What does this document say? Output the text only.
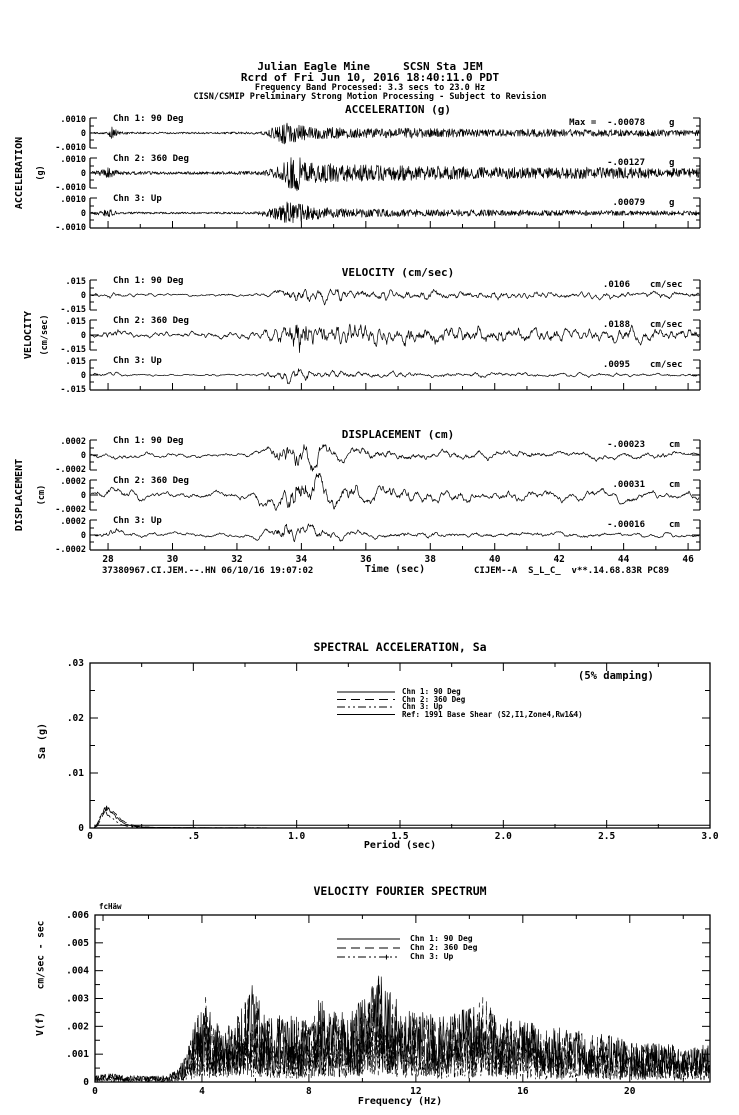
.0010
0
-.0010
.0010
0
-.0010
.0010
0
-.0010
.015
0
-.015
.015
0
-.015
.015
0
-.015
.0002
0
-.0002
.0002
0
-.0002
.0002
0
-.0002
28	30	32	34	36	38	40	42	44	46
0	.5	1.0	1.5	2.0	2.5	3.0
0
.01
.02
.03
+
0	4	8	12	16	20
0
.001
.002
.003
.004
.005
.006
+
Julian Eagle Mine     SCSN Sta JEM
Rcrd of Fri Jun 10, 2016 18:40:11.0 PDT
Frequency Band Processed: 3.3 secs to 23.0 Hz
CISN/CSMIP Preliminary Strong Motion Processing - Subject to Revision
ACCELERATION (g)
VELOCITY (cm/sec)
DISPLACEMENT (cm)
ACCELERATION (g)
VELOCITY (cm/sec)
DISPLACEMENT (cm)
Chn 1: 90 Deg
Chn 2: 360 Deg
Chn 3: Up
Chn 1: 90 Deg
Chn 2: 360 Deg
Chn 3: Up
Chn 1: 90 Deg
Chn 2: 360 Deg
Chn 3: Up
Max =  -.00078	g
-.00127	g
.00079	g
.0106 cm/sec
.0188 cm/sec
.0095 cm/sec
-.00023	cm
.00031	cm
-.00016	cm
Time (sec)
37380967.CI.JEM.--.HN 06/10/16 19:07:02	CIJEM--A  S_L_C_  v**.14.68.83R PC89
SPECTRAL ACCELERATION, Sa
(5% damping)
Sa (g)
Period (sec)
Chn 1: 90 Deg
Chn 2: 360 Deg
Chn 3: Up
Ref: 1991 Base Shear (S2,I1,Zone4,Rw1&4)
VELOCITY FOURIER SPECTRUM
fcHäw
cm/sec - sec
V(f)
Frequency (Hz)
Chn 1: 90 Deg
Chn 2: 360 Deg
Chn 3: Up
